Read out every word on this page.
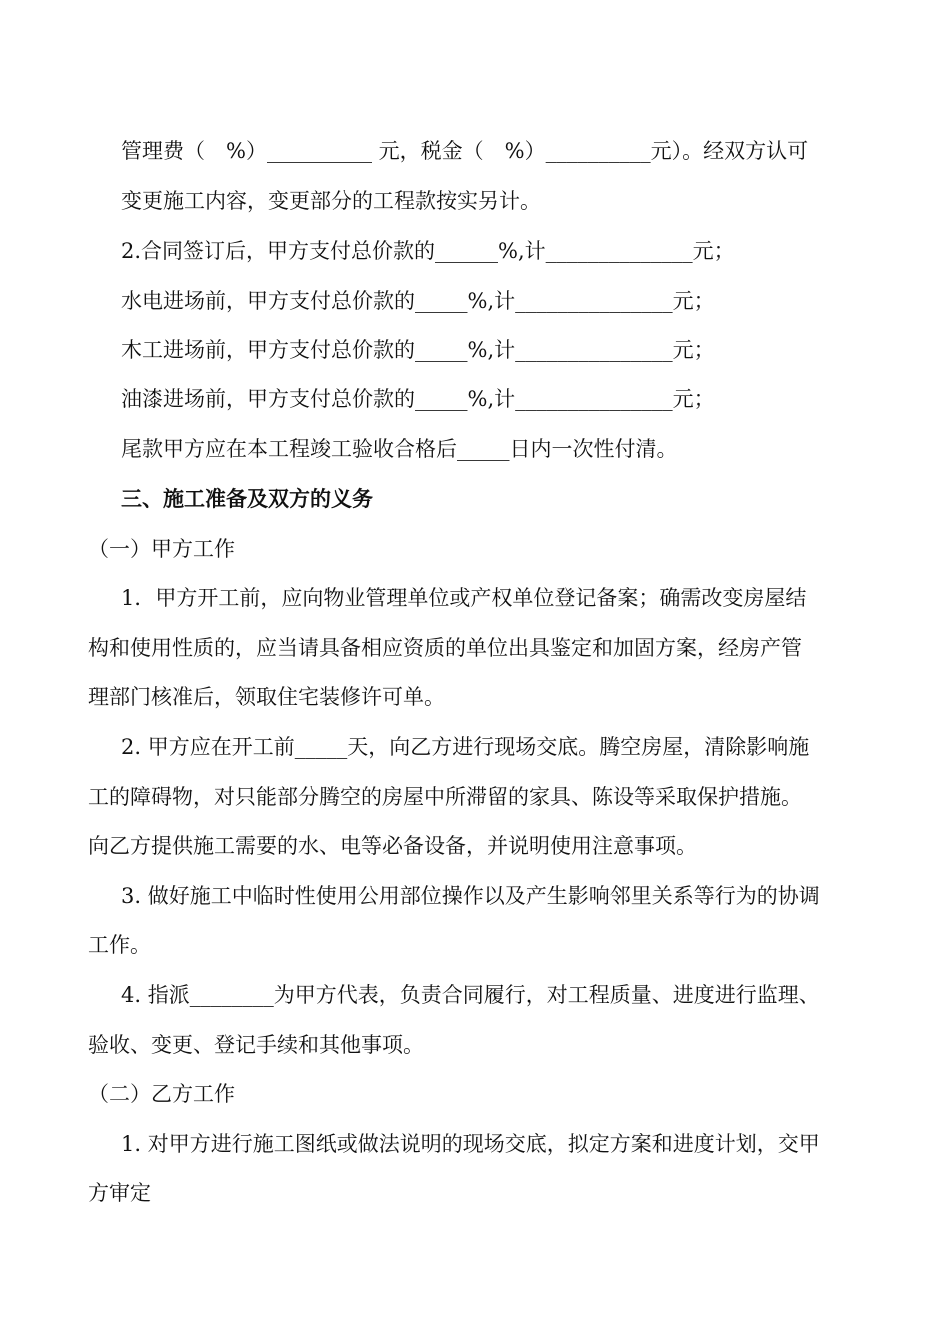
管理费（　%）__________ 元，税金（　%）__________元）。经双方认可
变更施工内容，变更部分的工程款按实另计。
2.合同签订后，甲方支付总价款的______%,计______________元；
水电进场前，甲方支付总价款的_____%,计_______________元；
木工进场前，甲方支付总价款的_____%,计_______________元；
油漆进场前，甲方支付总价款的_____%,计_______________元；
尾款甲方应在本工程竣工验收合格后_____日内一次性付清。
三、施工准备及双方的义务
（一）甲方工作
1．甲方开工前，应向物业管理单位或产权单位登记备案；确需改变房屋结
构和使用性质的，应当请具备相应资质的单位出具鉴定和加固方案，经房产管
理部门核准后，领取住宅装修许可单。
2. 甲方应在开工前_____天，向乙方进行现场交底。腾空房屋，清除影响施
工的障碍物，对只能部分腾空的房屋中所滞留的家具、陈设等采取保护措施。
向乙方提供施工需要的水、电等必备设备，并说明使用注意事项。
3. 做好施工中临时性使用公用部位操作以及产生影响邻里关系等行为的协调
工作。
4. 指派________为甲方代表，负责合同履行，对工程质量、进度进行监理、
验收、变更、登记手续和其他事项。
（二）乙方工作
1. 对甲方进行施工图纸或做法说明的现场交底，拟定方案和进度计划，交甲
方审定
